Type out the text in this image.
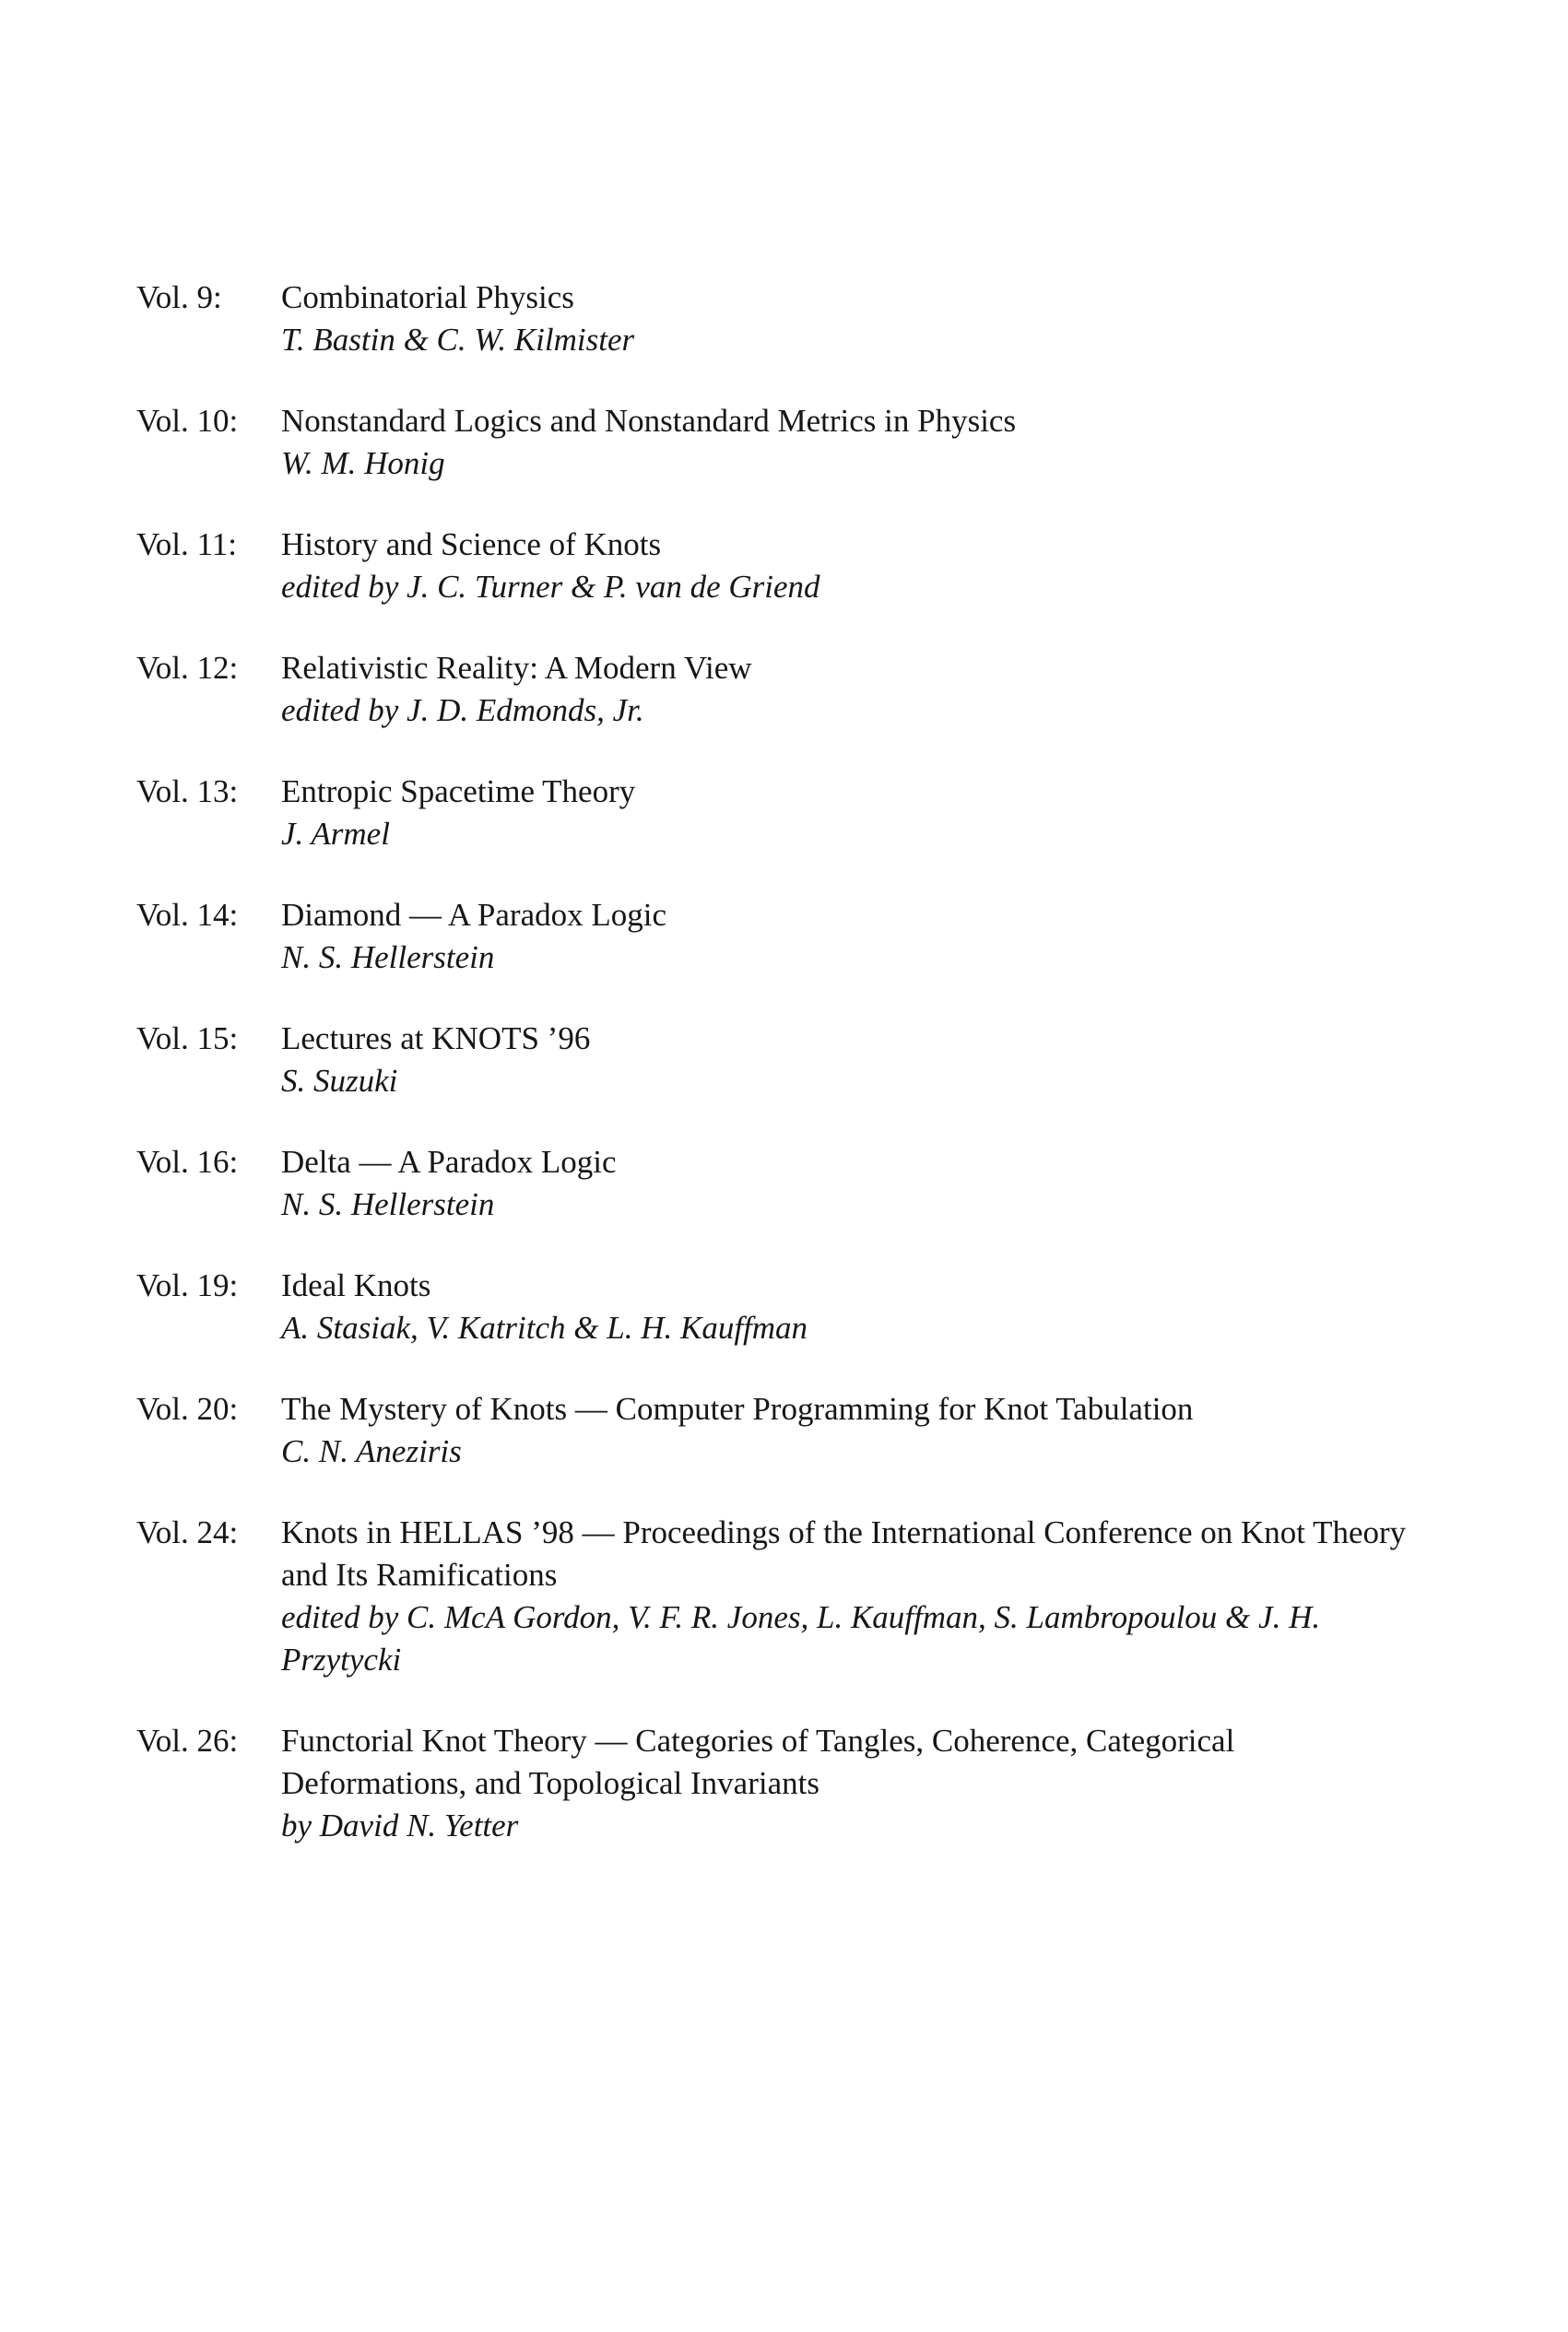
Vol. 9:	Combinatorial Physics
T. Bastin & C. W. Kilmister
Vol. 10:	Nonstandard Logics and Nonstandard Metrics in Physics
W. M. Honig
Vol. 11:	History and Science of Knots
edited by J. C. Turner & P. van de Griend
Vol. 12:	Relativistic Reality: A Modern View
edited by J. D. Edmonds, Jr.
Vol. 13:	Entropic Spacetime Theory
J. Armel
Vol. 14:	Diamond — A Paradox Logic
N. S. Hellerstein
Vol. 15:	Lectures at KNOTS ’96
S. Suzuki
Vol. 16:	Delta — A Paradox Logic
N. S. Hellerstein
Vol. 19:	Ideal Knots
A. Stasiak, V. Katritch & L. H. Kauffman
Vol. 20:	The Mystery of Knots — Computer Programming for Knot Tabulation
C. N. Aneziris
Vol. 24:	Knots in HELLAS ’98 — Proceedings of the International Conference on Knot Theory and Its Ramifications
edited by C. McA Gordon, V. F. R. Jones, L. Kauffman, S. Lambropoulou & J. H. Przytycki
Vol. 26:	Functorial Knot Theory — Categories of Tangles, Coherence, Categorical Deformations, and Topological Invariants
by David N. Yetter
